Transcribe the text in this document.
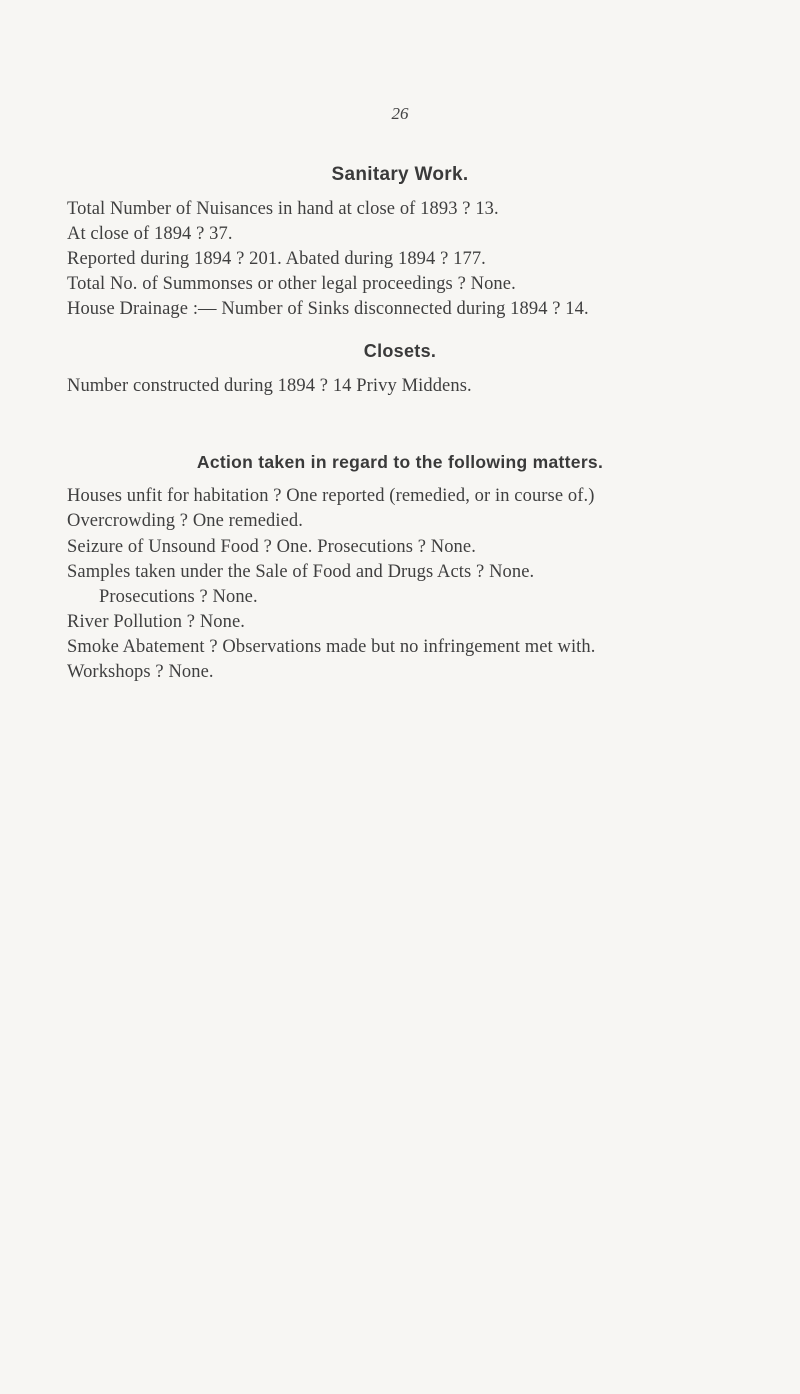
26
Sanitary Work.
Total Number of Nuisances in hand at close of 1893 ? 13.
At close of 1894 ? 37.
Reported during 1894 ? 201. Abated during 1894 ? 177.
Total No. of Summonses or other legal proceedings ? None.
House Drainage :— Number of Sinks disconnected during 1894 ? 14.
Closets.
Number constructed during 1894 ? 14 Privy Middens.
Action taken in regard to the following matters.
Houses unfit for habitation ? One reported (remedied, or in course of.)
Overcrowding ? One remedied.
Seizure of Unsound Food ? One. Prosecutions ? None.
Samples taken under the Sale of Food and Drugs Acts ? None.
Prosecutions ? None.
River Pollution ? None.
Smoke Abatement ? Observations made but no infringement met with.
Workshops ? None.
